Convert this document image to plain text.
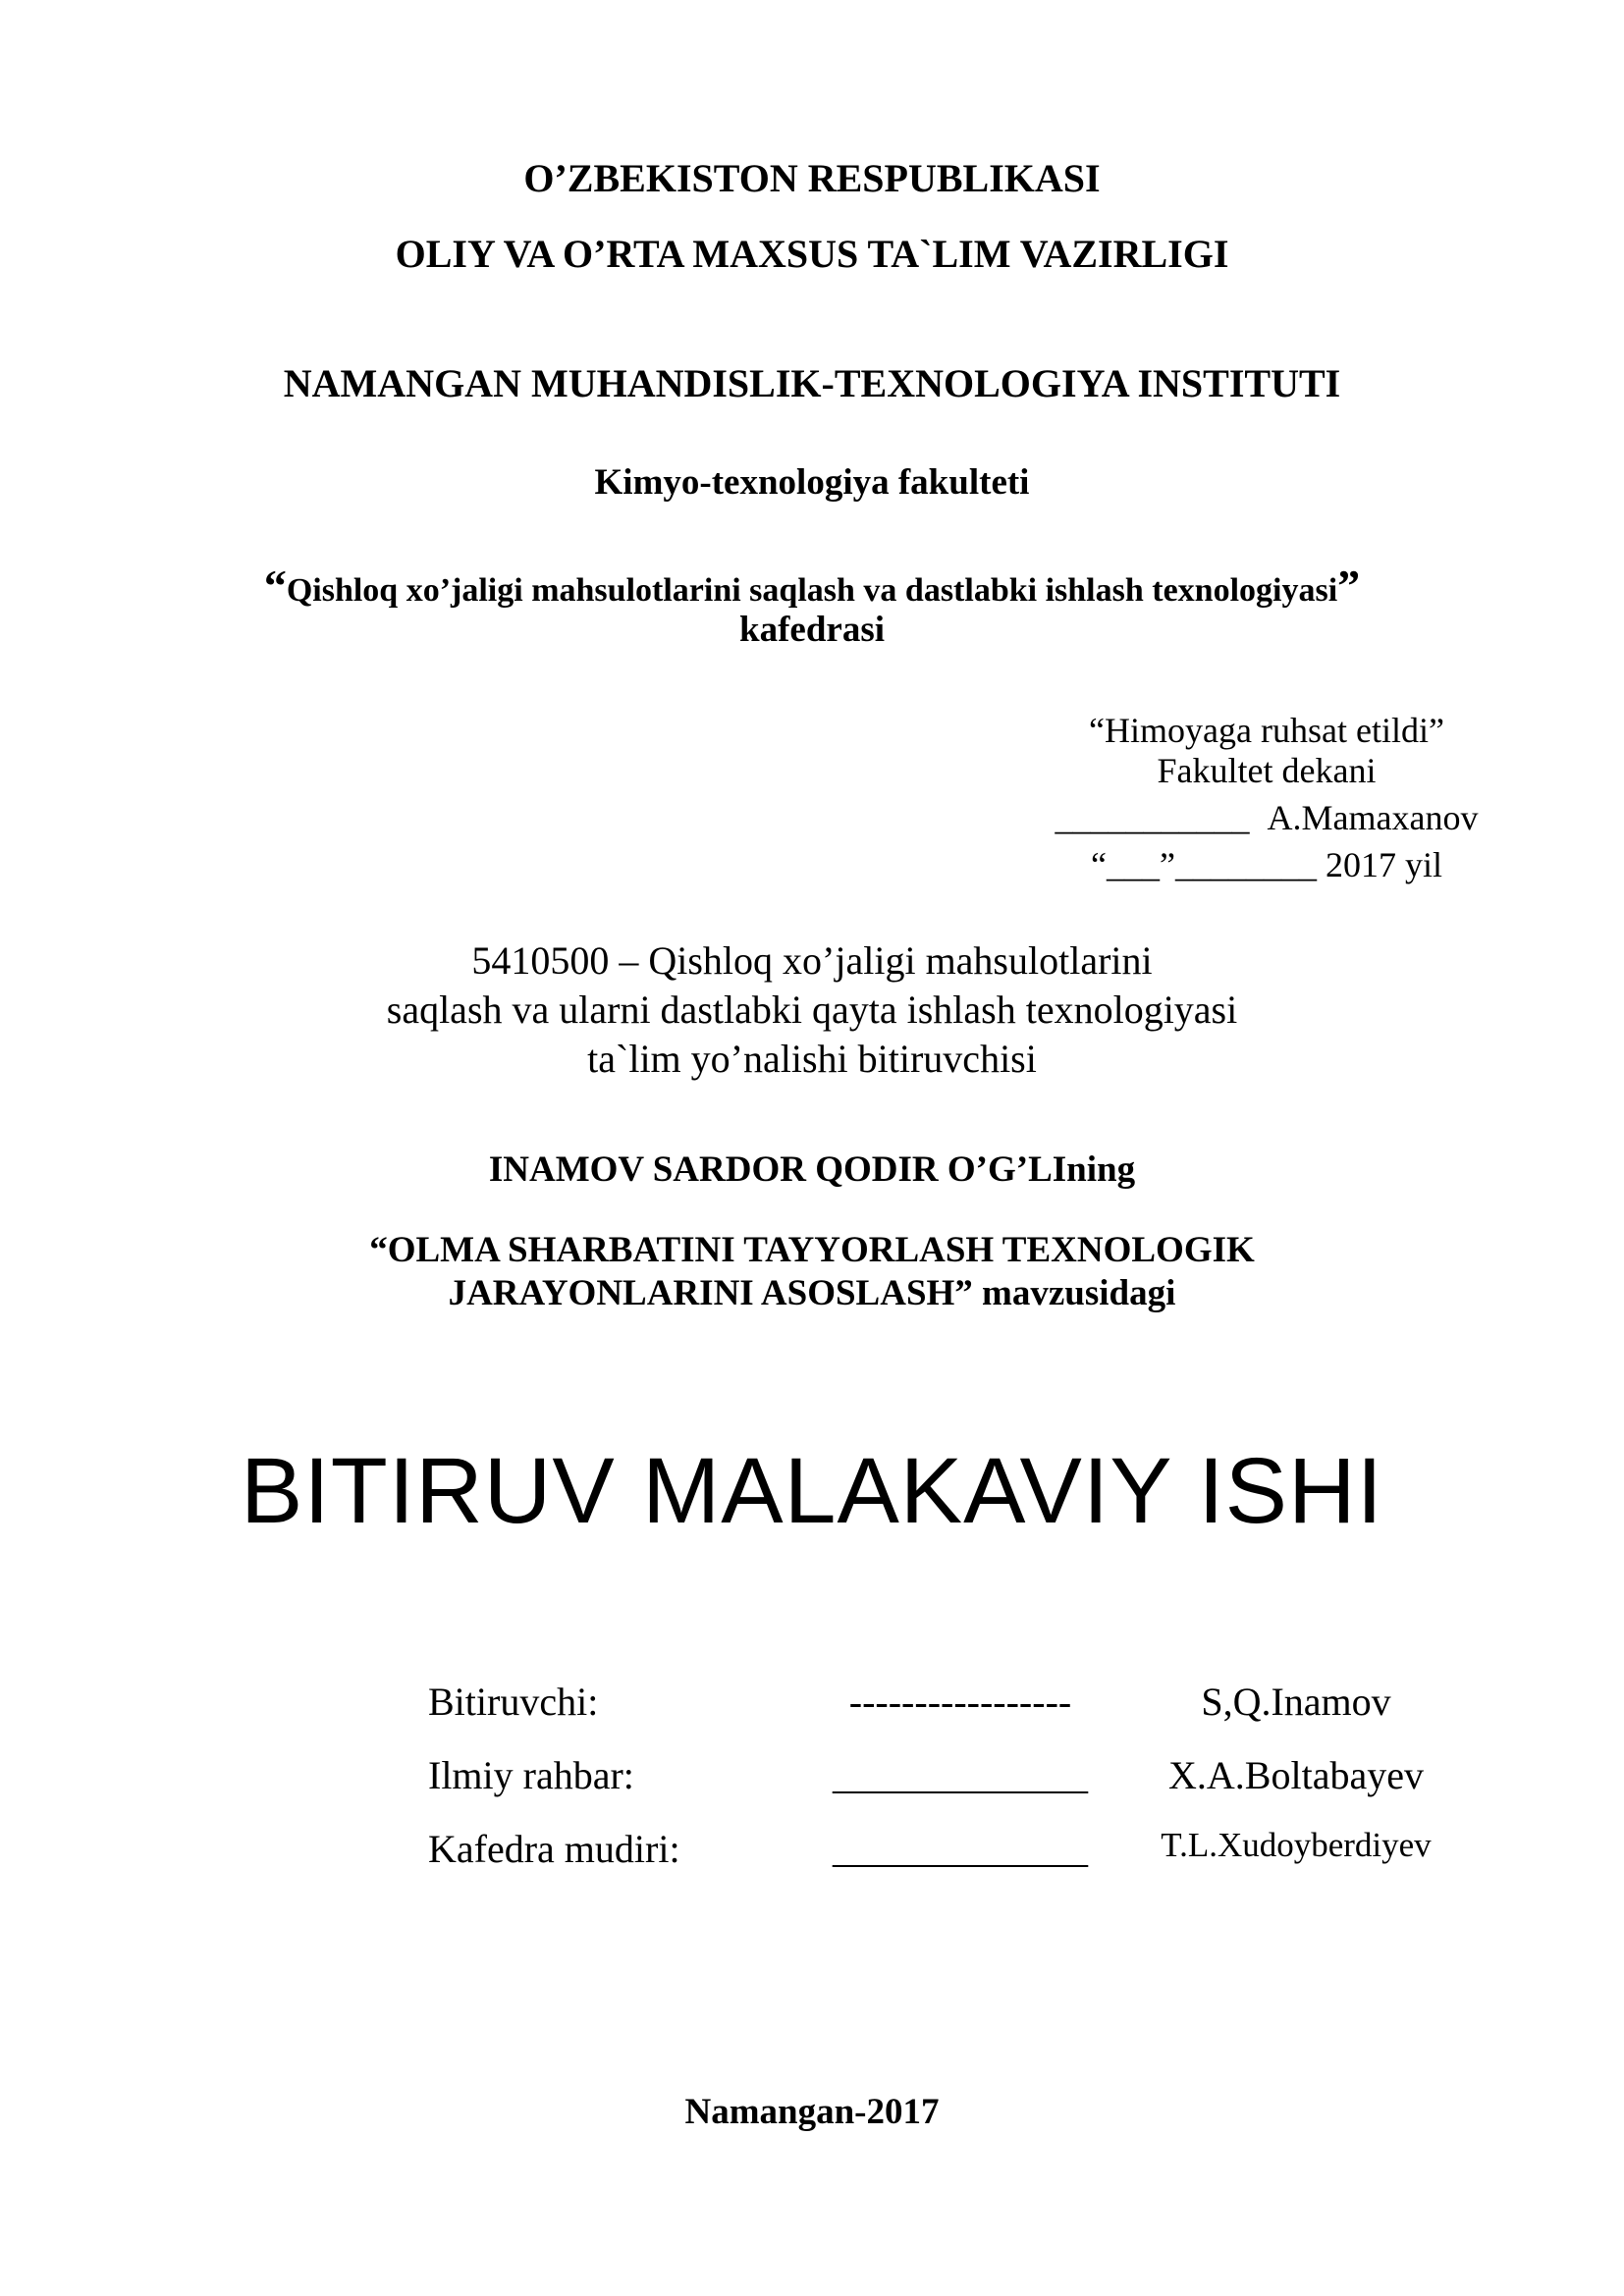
O’ZBEKISTON RESPUBLIKASI
OLIY VA O’RTA MAXSUS TA`LIM VAZIRLIGI
NAMANGAN MUHANDISLIK-TEXNOLOGIYA INSTITUTI
Kimyo-texnologiya fakulteti
“Qishloq xo’jaligi mahsulotlarini saqlash va dastlabki ishlash texnologiyasi”
kafedrasi
“Himoyaga ruhsat etildi”
Fakultet dekani
___________ A.Mamaxanov
“___”________ 2017 yil
5410500 – Qishloq xo’jaligi mahsulotlarini
saqlash va ularni dastlabki qayta ishlash texnologiyasi
ta`lim yo’nalishi bitiruvchisi
INAMOV SARDOR QODIR O’G’LIning
“OLMA SHARBATINI TAYYORLASH TEXNOLOGIK
JARAYONLARINI ASOSLASH” mavzusidagi
BITIRUV MALAKAVIY ISHI
Bitiruvchi:	-----------------	S,Q.Inamov
Ilmiy rahbar:	_____________	X.A.Boltabayev
Kafedra mudiri:	_____________	T.L.Xudoyberdiyev
Namangan-2017
